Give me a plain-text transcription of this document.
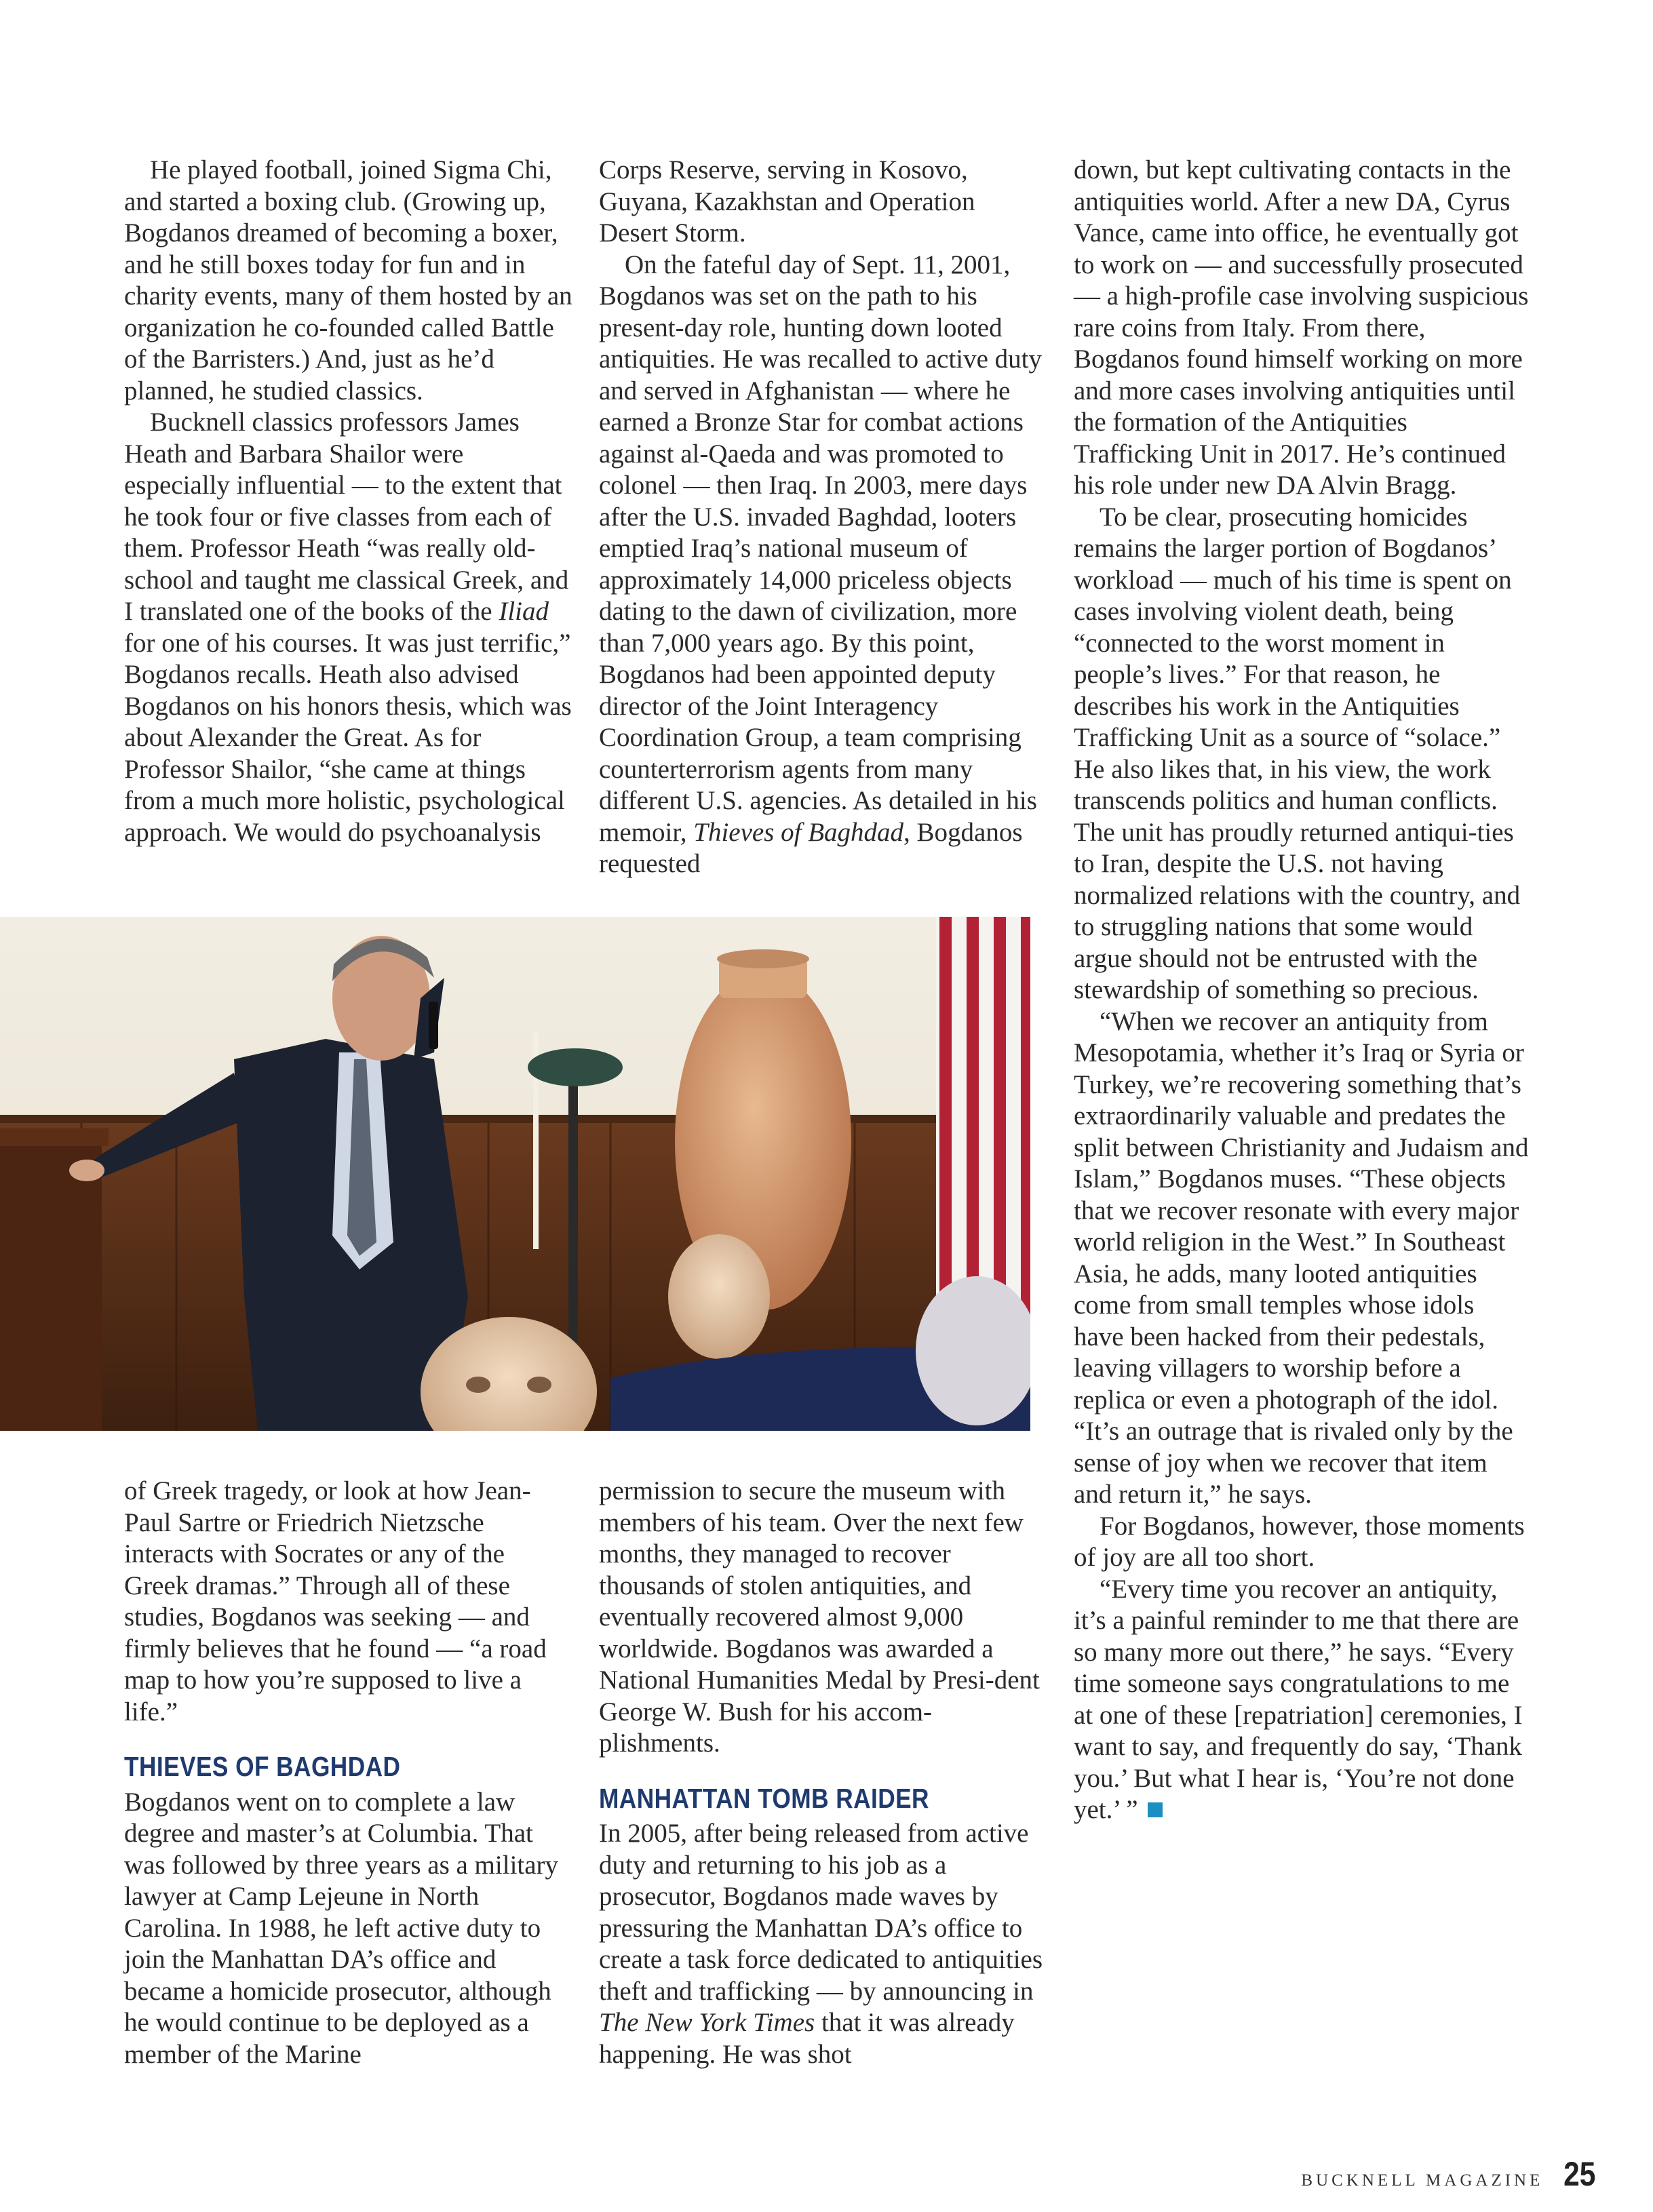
He played football, joined Sigma Chi, and started a boxing club. (Growing up, Bogdanos dreamed of becoming a boxer, and he still boxes today for fun and in charity events, many of them hosted by an organization he co-founded called Battle of the Barristers.) And, just as he’d planned, he studied classics.

Bucknell classics professors James Heath and Barbara Shailor were especially influential — to the extent that he took four or five classes from each of them. Professor Heath “was really old-school and taught me classical Greek, and I translated one of the books of the Iliad for one of his courses. It was just terrific,” Bogdanos recalls. Heath also advised Bogdanos on his honors thesis, which was about Alexander the Great. As for Professor Shailor, “she came at things from a much more holistic, psychological approach. We would do psychoanalysis

Corps Reserve, serving in Kosovo, Guyana, Kazakhstan and Operation Desert Storm.

On the fateful day of Sept. 11, 2001, Bogdanos was set on the path to his present-day role, hunting down looted antiquities. He was recalled to active duty and served in Afghanistan — where he earned a Bronze Star for combat actions against al-Qaeda and was promoted to colonel — then Iraq. In 2003, mere days after the U.S. invaded Baghdad, looters emptied Iraq’s national museum of approximately 14,000 priceless objects dating to the dawn of civilization, more than 7,000 years ago. By this point, Bogdanos had been appointed deputy director of the Joint Interagency Coordination Group, a team comprising counterterrorism agents from many different U.S. agencies. As detailed in his memoir, Thieves of Baghdad, Bogdanos requested

down, but kept cultivating contacts in the antiquities world. After a new DA, Cyrus Vance, came into office, he eventually got to work on — and successfully prosecuted — a high-profile case involving suspicious rare coins from Italy. From there, Bogdanos found himself working on more and more cases involving antiquities until the formation of the Antiquities Trafficking Unit in 2017. He’s continued his role under new DA Alvin Bragg.

To be clear, prosecuting homicides remains the larger portion of Bogdanos’ workload — much of his time is spent on cases involving violent death, being “connected to the worst moment in people’s lives.” For that reason, he describes his work in the Antiquities Trafficking Unit as a source of “solace.” He also likes that, in his view, the work transcends politics and human conflicts. The unit has proudly returned antiqui-ties to Iran, despite the U.S. not having normalized relations with the country, and to struggling nations that some would argue should not be entrusted with the stewardship of something so precious.

“When we recover an antiquity from Mesopotamia, whether it’s Iraq or Syria or Turkey, we’re recovering something that’s extraordinarily valuable and predates the split between Christianity and Judaism and Islam,” Bogdanos muses. “These objects that we recover resonate with every major world religion in the West.” In Southeast Asia, he adds, many looted antiquities come from small temples whose idols have been hacked from their pedestals, leaving villagers to worship before a replica or even a photograph of the idol. “It’s an outrage that is rivaled only by the sense of joy when we recover that item and return it,” he says.

For Bogdanos, however, those moments of joy are all too short.

“Every time you recover an antiquity, it’s a painful reminder to me that there are so many more out there,” he says. “Every time someone says congratulations to me at one of these [repatriation] ceremonies, I want to say, and frequently do say, ‘Thank you.’ But what I hear is, ‘You’re not done yet.’ ”

of Greek tragedy, or look at how Jean-Paul Sartre or Friedrich Nietzsche interacts with Socrates or any of the Greek dramas.” Through all of these studies, Bogdanos was seeking — and firmly believes that he found — “a road map to how you’re supposed to live a life.”

THIEVES OF BAGHDAD

Bogdanos went on to complete a law degree and master’s at Columbia. That was followed by three years as a military lawyer at Camp Lejeune in North Carolina. In 1988, he left active duty to join the Manhattan DA’s office and became a homicide prosecutor, although he would continue to be deployed as a member of the Marine

permission to secure the museum with members of his team. Over the next few months, they managed to recover thousands of stolen antiquities, and eventually recovered almost 9,000 worldwide. Bogdanos was awarded a National Humanities Medal by Presi-dent George W. Bush for his accom-plishments.

MANHATTAN TOMB RAIDER

In 2005, after being released from active duty and returning to his job as a prosecutor, Bogdanos made waves by pressuring the Manhattan DA’s office to create a task force dedicated to antiquities theft and trafficking — by announcing in The New York Times that it was already happening. He was shot

BUCKNELL MAGAZINE 25
